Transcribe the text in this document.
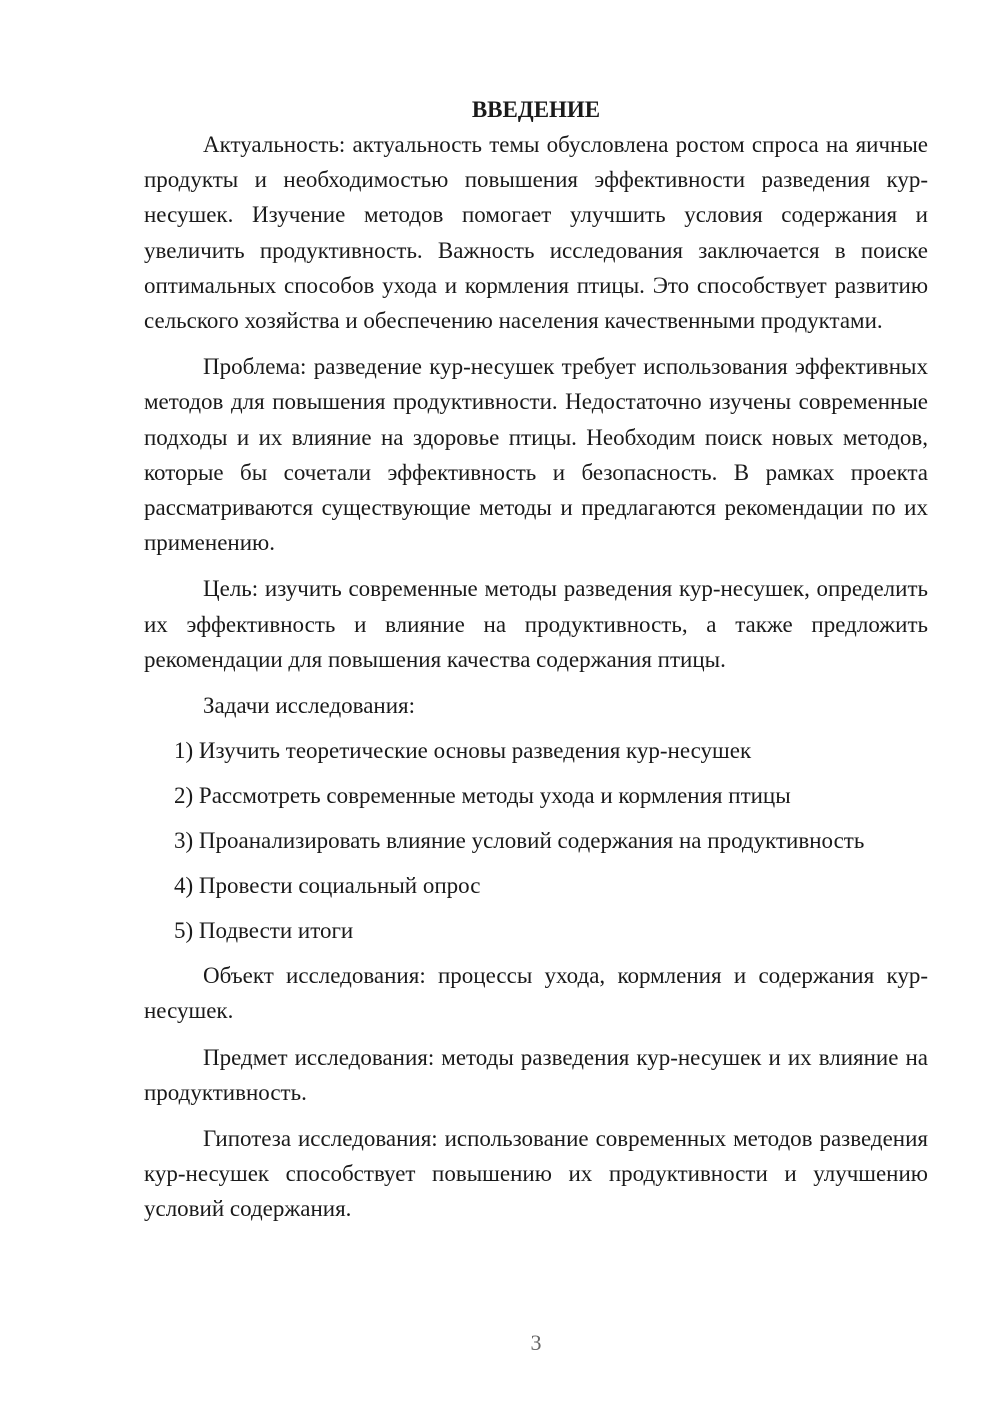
ВВЕДЕНИЕ

Актуальность: актуальность темы обусловлена ростом спроса на яичные продукты и необходимостью повышения эффективности разведения кур-несушек. Изучение методов помогает улучшить условия содержания и увеличить продуктивность. Важность исследования заключается в поиске оптимальных способов ухода и кормления птицы. Это способствует развитию сельского хозяйства и обеспечению населения качественными продуктами.

Проблема: разведение кур-несушек требует использования эффективных методов для повышения продуктивности. Недостаточно изучены современные подходы и их влияние на здоровье птицы. Необходим поиск новых методов, которые бы сочетали эффективность и безопасность. В рамках проекта рассматриваются существующие методы и предлагаются рекомендации по их применению.

Цель: изучить современные методы разведения кур-несушек, определить их эффективность и влияние на продуктивность, а также предложить рекомендации для повышения качества содержания птицы.

Задачи исследования:

1) Изучить теоретические основы разведения кур-несушек

2) Рассмотреть современные методы ухода и кормления птицы

3) Проанализировать влияние условий содержания на продуктивность

4) Провести социальный опрос

5) Подвести итоги

Объект исследования: процессы ухода, кормления и содержания кур-несушек.

Предмет исследования: методы разведения кур-несушек и их влияние на продуктивность.

Гипотеза исследования: использование современных методов разведения кур-несушек способствует повышению их продуктивности и улучшению условий содержания.

3
